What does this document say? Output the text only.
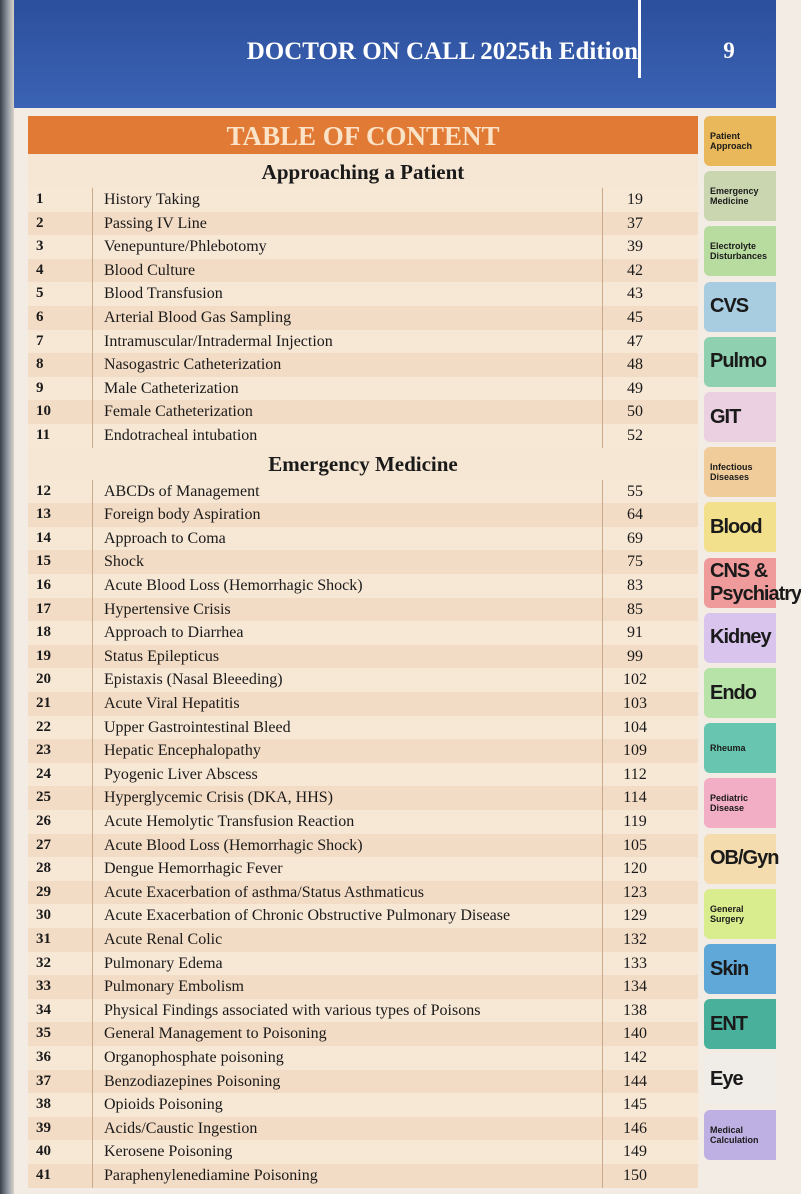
DOCTOR ON CALL 2025th Edition	9
TABLE OF CONTENT
Approaching a Patient
1	History Taking	19
2	Passing IV Line	37
3	Venepunture/Phlebotomy	39
4	Blood Culture	42
5	Blood Transfusion	43
6	Arterial Blood Gas Sampling	45
7	Intramuscular/Intradermal Injection	47
8	Nasogastric Catheterization	48
9	Male Catheterization	49
10	Female Catheterization	50
11	Endotracheal intubation	52
Emergency Medicine
12	ABCDs of Management	55
13	Foreign body Aspiration	64
14	Approach to Coma	69
15	Shock	75
16	Acute Blood Loss (Hemorrhagic Shock)	83
17	Hypertensive Crisis	85
18	Approach to Diarrhea	91
19	Status Epilepticus	99
20	Epistaxis (Nasal Bleeeding)	102
21	Acute Viral Hepatitis	103
22	Upper Gastrointestinal Bleed	104
23	Hepatic Encephalopathy	109
24	Pyogenic Liver Abscess	112
25	Hyperglycemic Crisis (DKA, HHS)	114
26	Acute Hemolytic Transfusion Reaction	119
27	Acute Blood Loss (Hemorrhagic Shock)	105
28	Dengue Hemorrhagic Fever	120
29	Acute Exacerbation of asthma/Status Asthmaticus	123
30	Acute Exacerbation of Chronic Obstructive Pulmonary Disease	129
31	Acute Renal Colic	132
32	Pulmonary Edema	133
33	Pulmonary Embolism	134
34	Physical Findings associated with various types of Poisons	138
35	General Management to Poisoning	140
36	Organophosphate poisoning	142
37	Benzodiazepines Poisoning	144
38	Opioids Poisoning	145
39	Acids/Caustic Ingestion	146
40	Kerosene Poisoning	149
41	Paraphenylenediamine Poisoning	150
Patient Approach
Emergency Medicine
Electrolyte Disturbances
CVS
Pulmo
GIT
Infectious Diseases
Blood
CNS & Psychiatry
Kidney
Endo
Rheuma
Pediatric Disease
OB/Gyn
General Surgery
Skin
ENT
Eye
Medical Calculation
